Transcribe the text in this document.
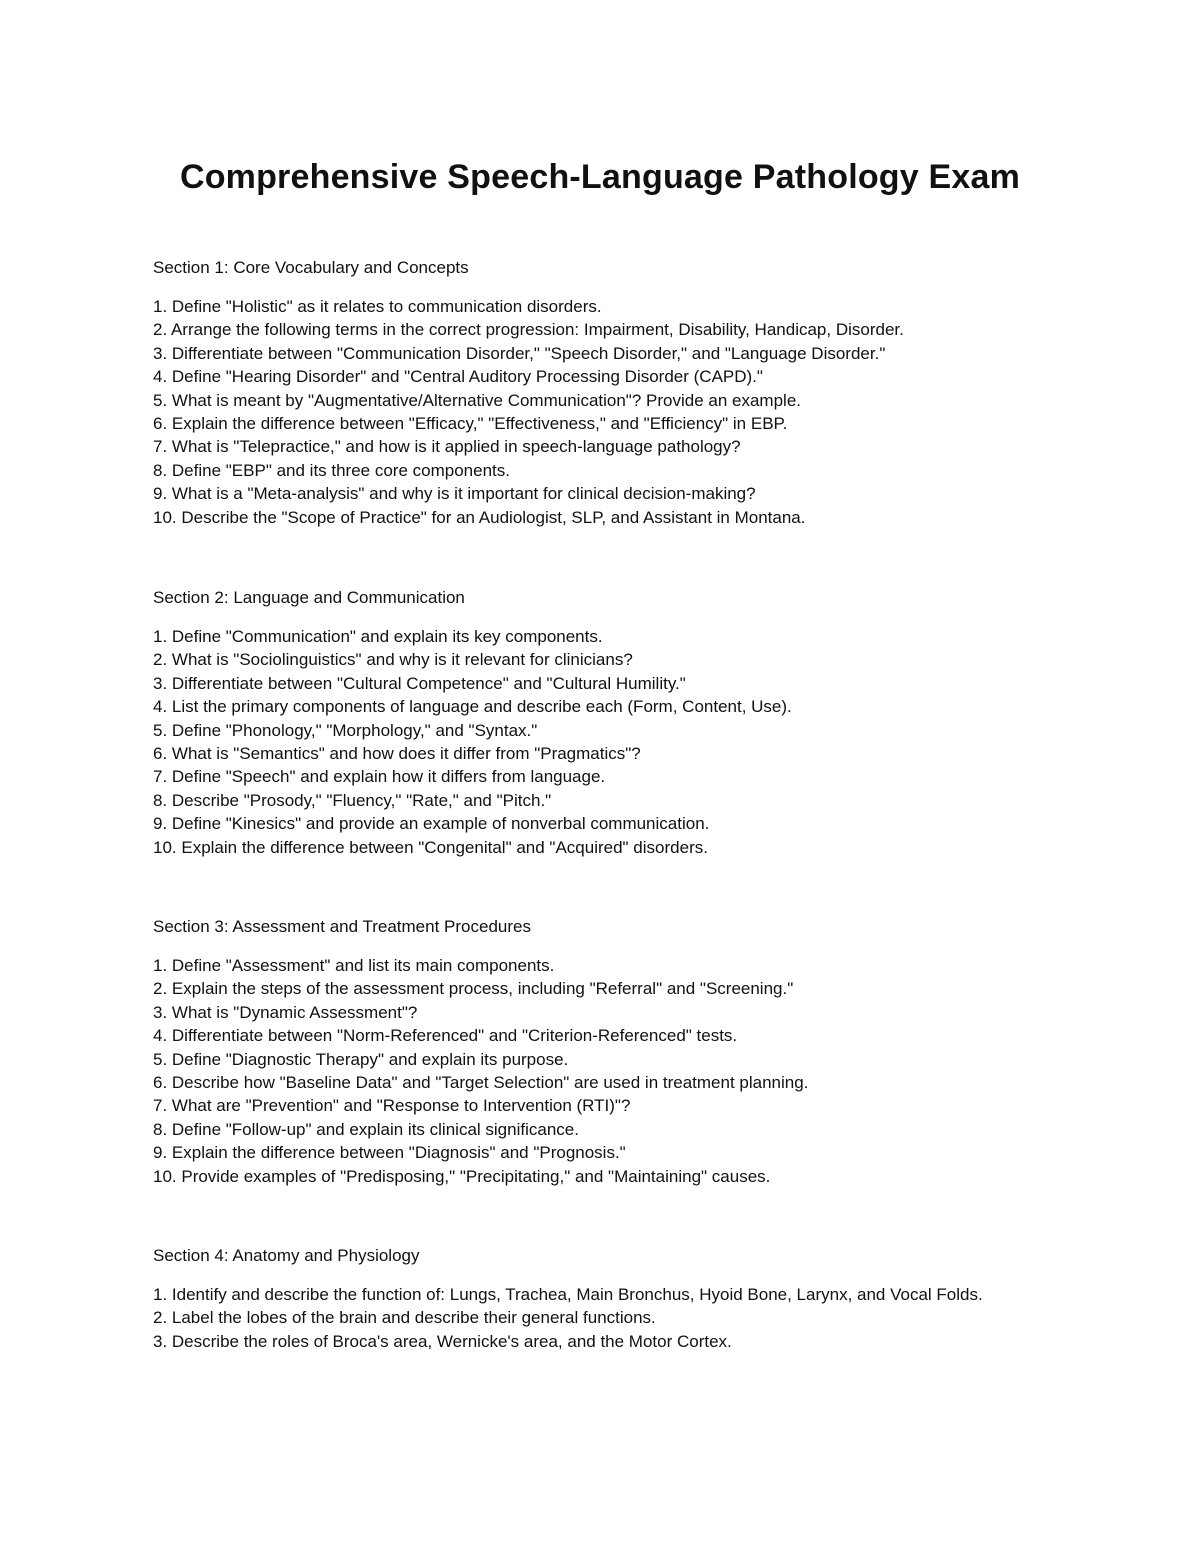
Comprehensive Speech-Language Pathology Exam
Section 1: Core Vocabulary and Concepts
1. Define "Holistic" as it relates to communication disorders.
2. Arrange the following terms in the correct progression: Impairment, Disability, Handicap, Disorder.
3. Differentiate between "Communication Disorder," "Speech Disorder," and "Language Disorder."
4. Define "Hearing Disorder" and "Central Auditory Processing Disorder (CAPD)."
5. What is meant by "Augmentative/Alternative Communication"? Provide an example.
6. Explain the difference between "Efficacy," "Effectiveness," and "Efficiency" in EBP.
7. What is "Telepractice," and how is it applied in speech-language pathology?
8. Define "EBP" and its three core components.
9. What is a "Meta-analysis" and why is it important for clinical decision-making?
10. Describe the "Scope of Practice" for an Audiologist, SLP, and Assistant in Montana.
Section 2: Language and Communication
1. Define "Communication" and explain its key components.
2. What is "Sociolinguistics" and why is it relevant for clinicians?
3. Differentiate between "Cultural Competence" and "Cultural Humility."
4. List the primary components of language and describe each (Form, Content, Use).
5. Define "Phonology," "Morphology," and "Syntax."
6. What is "Semantics" and how does it differ from "Pragmatics"?
7. Define "Speech" and explain how it differs from language.
8. Describe "Prosody," "Fluency," "Rate," and "Pitch."
9. Define "Kinesics" and provide an example of nonverbal communication.
10. Explain the difference between "Congenital" and "Acquired" disorders.
Section 3: Assessment and Treatment Procedures
1. Define "Assessment" and list its main components.
2. Explain the steps of the assessment process, including "Referral" and "Screening."
3. What is "Dynamic Assessment"?
4. Differentiate between "Norm-Referenced" and "Criterion-Referenced" tests.
5. Define "Diagnostic Therapy" and explain its purpose.
6. Describe how "Baseline Data" and "Target Selection" are used in treatment planning.
7. What are "Prevention" and "Response to Intervention (RTI)"?
8. Define "Follow-up" and explain its clinical significance.
9. Explain the difference between "Diagnosis" and "Prognosis."
10. Provide examples of "Predisposing," "Precipitating," and "Maintaining" causes.
Section 4: Anatomy and Physiology
1. Identify and describe the function of: Lungs, Trachea, Main Bronchus, Hyoid Bone, Larynx, and Vocal Folds.
2. Label the lobes of the brain and describe their general functions.
3. Describe the roles of Broca's area, Wernicke's area, and the Motor Cortex.
